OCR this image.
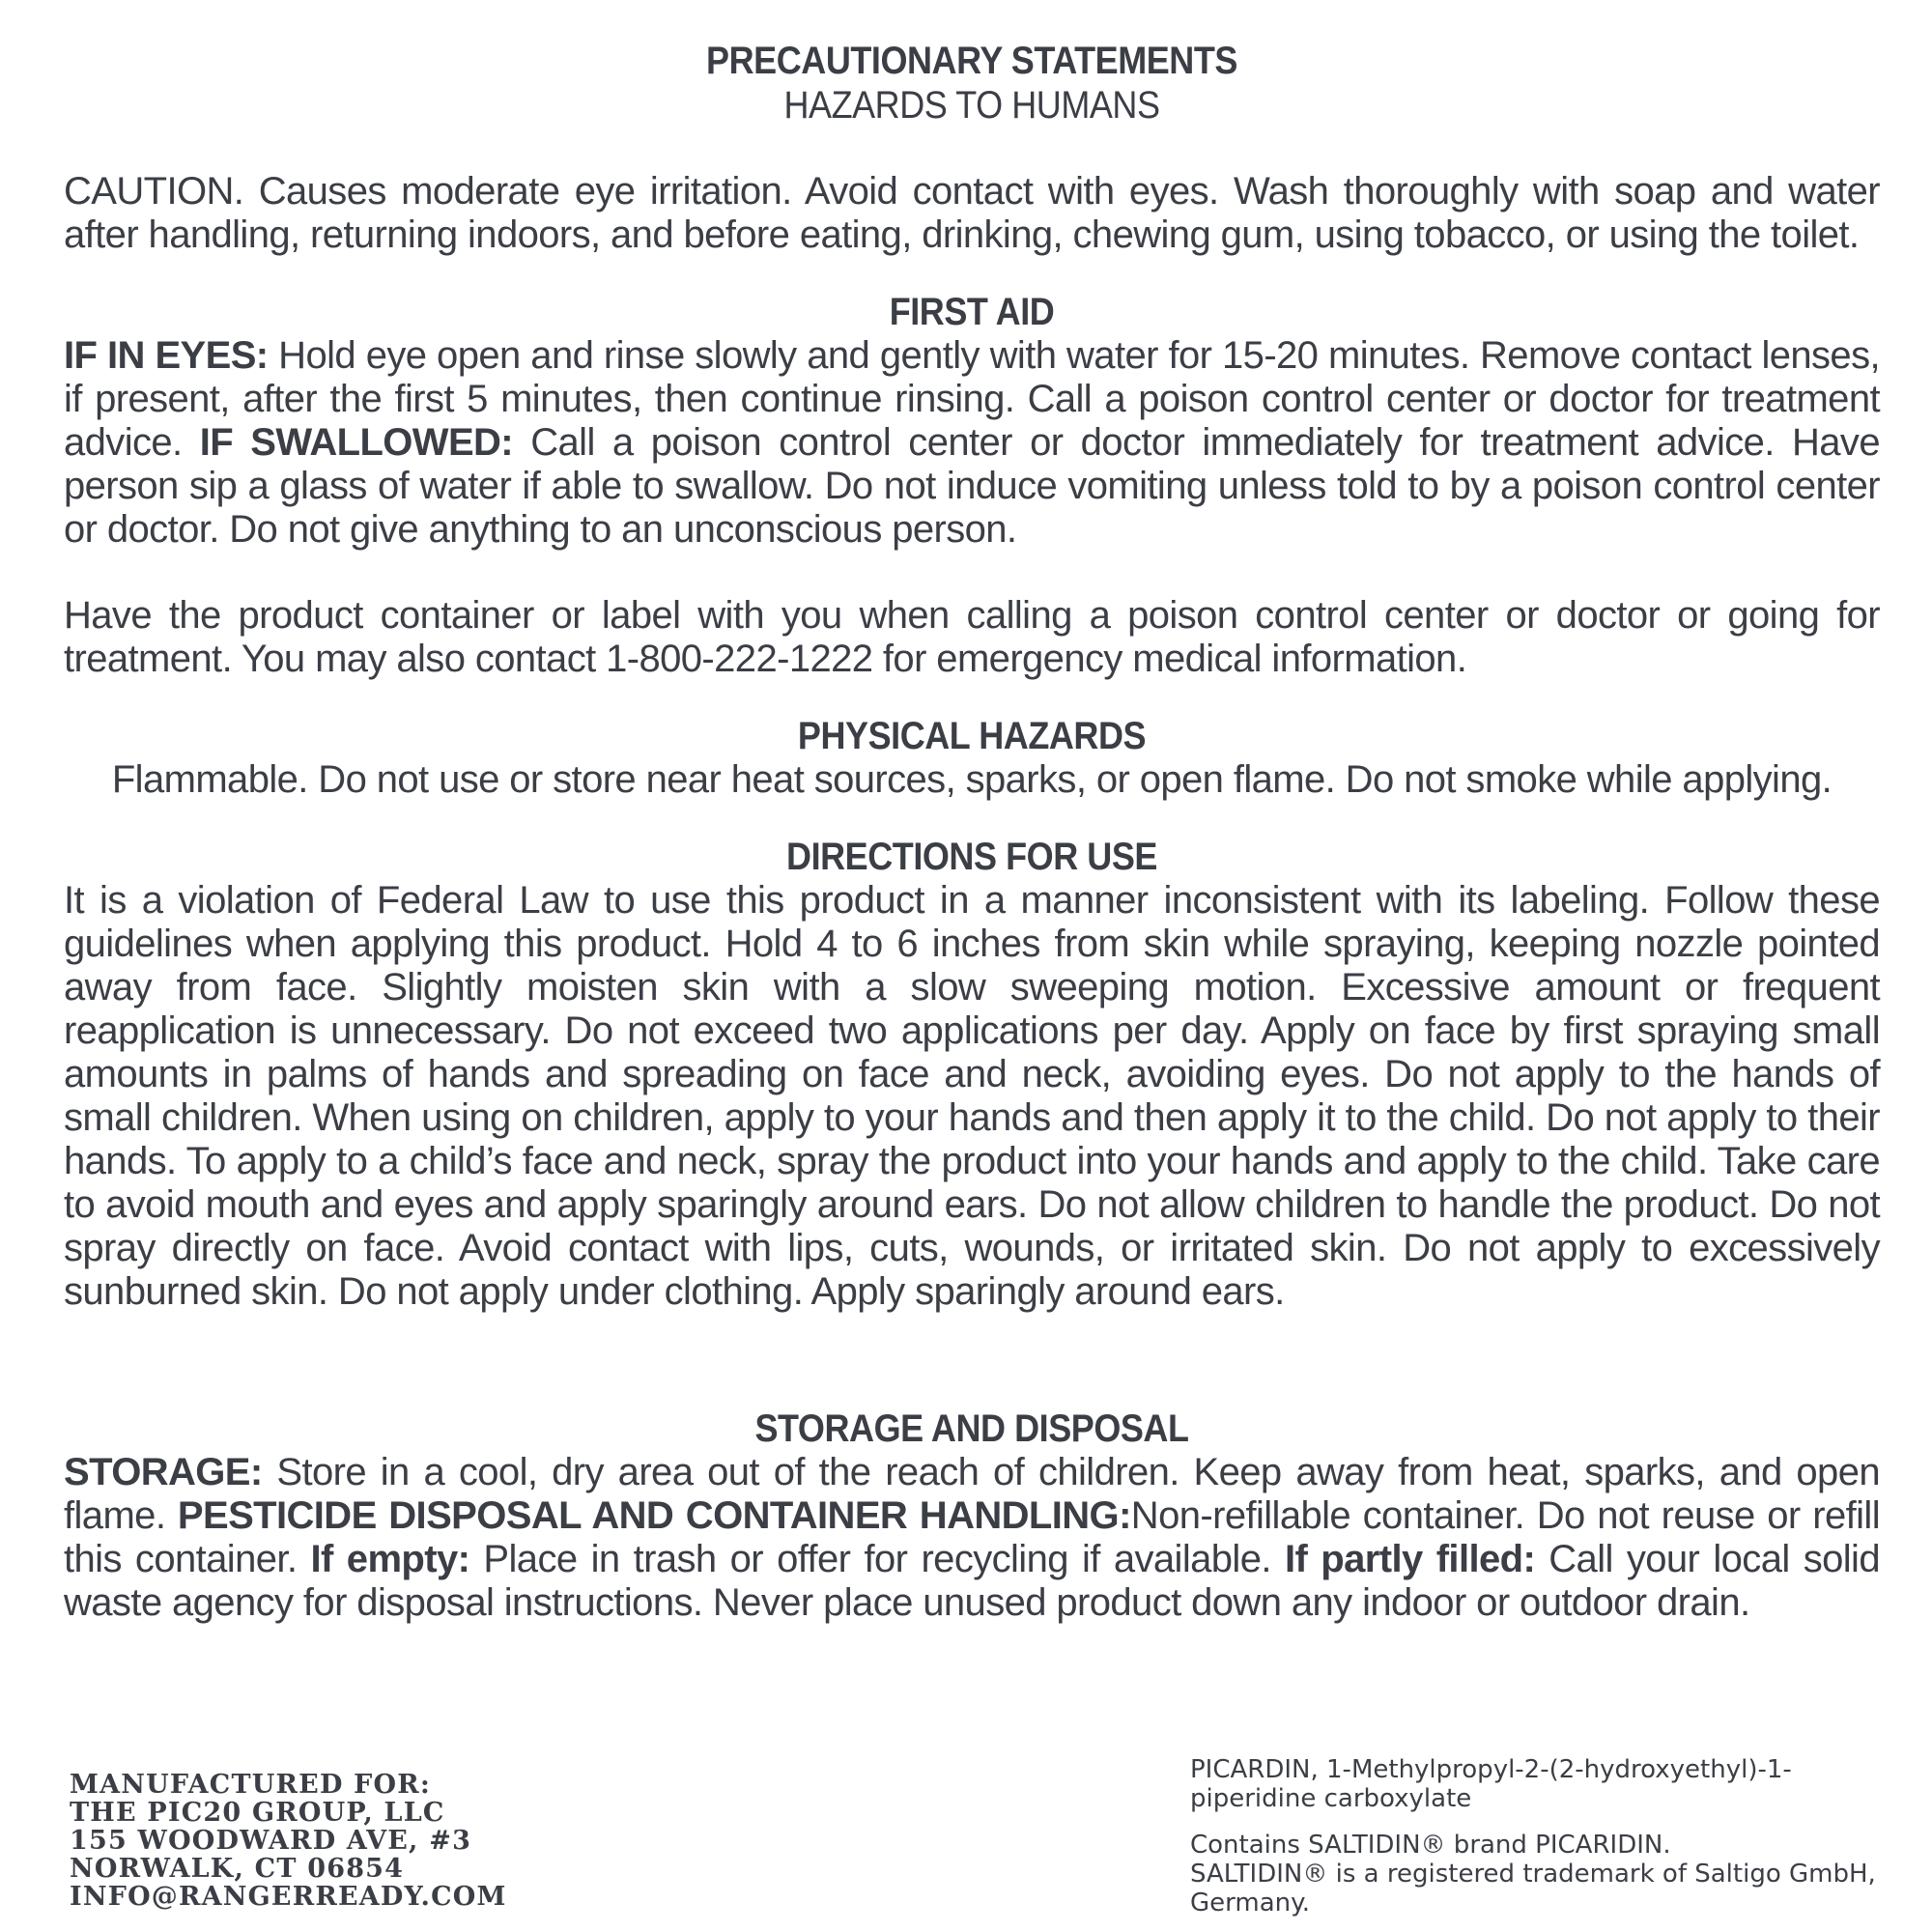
PRECAUTIONARY STATEMENTS
HAZARDS TO HUMANS
CAUTION. Causes moderate eye irritation. Avoid contact with eyes. Wash thoroughly with soap and water after handling, returning indoors, and before eating, drinking, chewing gum, using tobacco, or using the toilet.
FIRST AID
IF IN EYES: Hold eye open and rinse slowly and gently with water for 15-20 minutes. Remove contact lenses, if present, after the first 5 minutes, then continue rinsing. Call a poison control center or doctor for treatment advice. IF SWALLOWED: Call a poison control center or doctor immediately for treatment advice. Have person sip a glass of water if able to swallow. Do not induce vomiting unless told to by a poison control center or doctor. Do not give anything to an unconscious person.
Have the product container or label with you when calling a poison control center or doctor or going for treatment. You may also contact 1-800-222-1222 for emergency medical information.
PHYSICAL HAZARDS
Flammable. Do not use or store near heat sources, sparks, or open flame. Do not smoke while applying.
DIRECTIONS FOR USE
It is a violation of Federal Law to use this product in a manner inconsistent with its labeling. Follow these guidelines when applying this product. Hold 4 to 6 inches from skin while spraying, keeping nozzle pointed away from face. Slightly moisten skin with a slow sweeping motion. Excessive amount or frequent reapplication is unnecessary. Do not exceed two applications per day. Apply on face by first spraying small amounts in palms of hands and spreading on face and neck, avoiding eyes. Do not apply to the hands of small children. When using on children, apply to your hands and then apply it to the child. Do not apply to their hands. To apply to a child’s face and neck, spray the product into your hands and apply to the child. Take care to avoid mouth and eyes and apply sparingly around ears. Do not allow children to handle the product. Do not spray directly on face. Avoid contact with lips, cuts, wounds, or irritated skin. Do not apply to excessively sunburned skin. Do not apply under clothing. Apply sparingly around ears.
STORAGE AND DISPOSAL
STORAGE: Store in a cool, dry area out of the reach of children. Keep away from heat, sparks, and open flame. PESTICIDE DISPOSAL AND CONTAINER HANDLING:Non-refillable container. Do not reuse or refill this container. If empty: Place in trash or offer for recycling if available. If partly filled: Call your local solid waste agency for disposal instructions. Never place unused product down any indoor or outdoor drain.
MANUFACTURED FOR:
THE PIC20 GROUP, LLC
155 WOODWARD AVE, #3
NORWALK, CT 06854
INFO@RANGERREADY.COM
PICARDIN, 1-Methylpropyl-2-(2-hydroxyethyl)-1-
piperidine carboxylate
Contains SALTIDIN® brand PICARIDIN.
SALTIDIN® is a registered trademark of Saltigo GmbH,
Germany.
